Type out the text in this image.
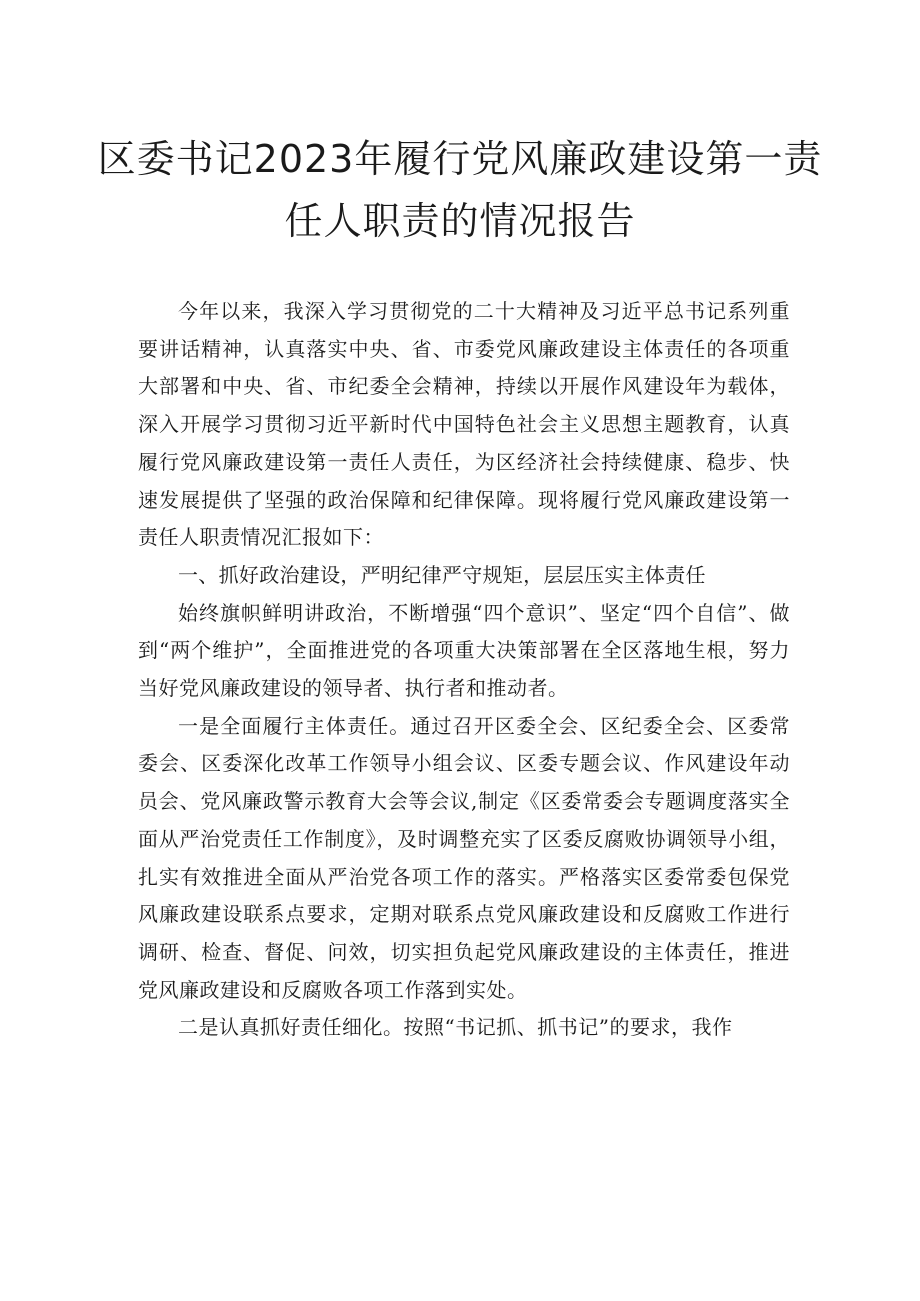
区委书记2023年履行党风廉政建设第一责
任人职责的情况报告

今年以来，我深入学习贯彻党的二十大精神及习近平总书记系列重要讲话精神，认真落实中央、省、市委党风廉政建设主体责任的各项重大部署和中央、省、市纪委全会精神，持续以开展作风建设年为载体，深入开展学习贯彻习近平新时代中国特色社会主义思想主题教育，认真履行党风廉政建设第一责任人责任，为区经济社会持续健康、稳步、快速发展提供了坚强的政治保障和纪律保障。现将履行党风廉政建设第一责任人职责情况汇报如下：

一、抓好政治建设，严明纪律严守规矩，层层压实主体责任

始终旗帜鲜明讲政治，不断增强“四个意识”、坚定“四个自信”、做到“两个维护”，全面推进党的各项重大决策部署在全区落地生根，努力当好党风廉政建设的领导者、执行者和推动者。

一是全面履行主体责任。通过召开区委全会、区纪委全会、区委常委会、区委深化改革工作领导小组会议、区委专题会议、作风建设年动员会、党风廉政警示教育大会等会议,制定《区委常委会专题调度落实全面从严治党责任工作制度》，及时调整充实了区委反腐败协调领导小组，扎实有效推进全面从严治党各项工作的落实。严格落实区委常委包保党风廉政建设联系点要求，定期对联系点党风廉政建设和反腐败工作进行调研、检查、督促、问效，切实担负起党风廉政建设的主体责任，推进党风廉政建设和反腐败各项工作落到实处。

二是认真抓好责任细化。按照“书记抓、抓书记”的要求，我作
